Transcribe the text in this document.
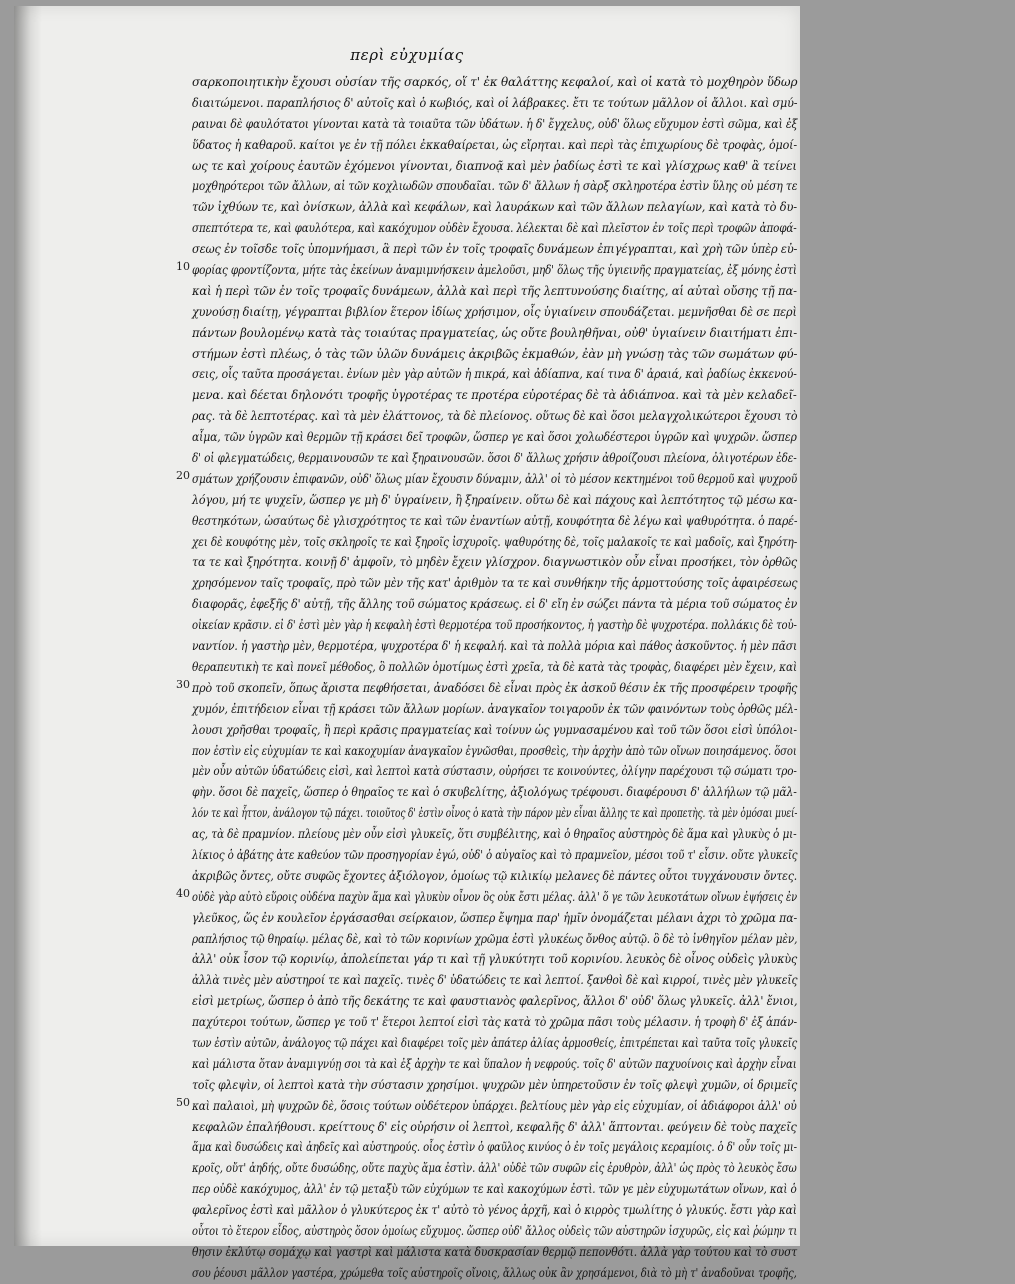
περὶ εὐχυμίας
σαρκοποιητικὴν ἔχουσι οὐσίαν τῆς σαρκός, οἵ τ' ἐκ θαλάττης κεφαλοί, καὶ οἱ κατὰ τὸ μοχθηρὸν ὕδωρ
διαιτώμενοι. παραπλήσιος δ' αὐτοῖς καὶ ὁ κωβιός, καὶ οἱ λάβρακες. ἔτι τε τούτων μᾶλλον οἱ ἄλλοι. καὶ σμύ-
ραιναι δὲ φαυλότατοι γίνονται κατὰ τὰ τοιαῦτα τῶν ὑδάτων. ἡ δ' ἔγχελυς, οὐδ' ὅλως εὔχυμον ἐστὶ σῶμα, καὶ ἐξ
ὕδατος ἡ καθαροῦ. καίτοι γε ἐν τῇ πόλει ἐκκαθαίρεται, ὡς εἴρηται. καὶ περὶ τὰς ἐπιχωρίους δὲ τροφὰς, ὁμοί-
ως τε καὶ χοίρους ἑαυτῶν ἐχόμενοι γίνονται, διαπνοᾷ καὶ μὲν ῥαδίως ἐστὶ τε καὶ γλίσχρως καθ' ἃ τείνει
μοχθηρότεροι τῶν ἄλλων, αἱ τῶν κοχλιωδῶν σπουδαῖαι. τῶν δ' ἄλλων ἡ σὰρξ σκληροτέρα ἐστὶν ὕλης οὐ μέση τε
τῶν ἰχθύων τε, καὶ ὀνίσκων, ἀλλὰ καὶ κεφάλων, καὶ λαυράκων καὶ τῶν ἄλλων πελαγίων, καὶ κατὰ τὸ δυ-
σπεπτότερα τε, καὶ φαυλότερα, καὶ κακόχυμον οὐδὲν ἔχουσα. λέλεκται δὲ καὶ πλεῖστον ἐν τοῖς περὶ τροφῶν ἀποφά-
σεως ἐν τοῖσδε τοῖς ὑπομνήμασι, ἃ περὶ τῶν ἐν τοῖς τροφαῖς δυνάμεων ἐπιγέγραπται, καὶ χρὴ τῶν ὑπὲρ εὐ-
10 φορίας φροντίζοντα, μήτε τὰς ἐκείνων ἀναμιμνήσκειν ἀμελοῦσι, μηδ' ὅλως τῆς ὑγιεινῆς πραγματείας, ἐξ μόνης ἐστὶ
καὶ ἡ περὶ τῶν ἐν τοῖς τροφαῖς δυνάμεων, ἀλλὰ καὶ περὶ τῆς λεπτυνούσης διαίτης, αἱ αὐταὶ οὔσης τῇ πα-
χυνούσῃ διαίτῃ, γέγραπται βιβλίον ἕτερον ἰδίως χρήσιμον, οἷς ὑγιαίνειν σπουδάζεται. μεμνῆσθαι δὲ σε περὶ
πάντων βουλομένῳ κατὰ τὰς τοιαύτας πραγματείας, ὡς οὔτε βουληθῆναι, οὐθ' ὑγιαίνειν διαιτήματι ἐπι-
στήμων ἐστὶ πλέως, ὁ τὰς τῶν ὑλῶν δυνάμεις ἀκριβῶς ἐκμαθών, ἐὰν μὴ γνώσῃ τὰς τῶν σωμάτων φύ-
σεις, οἷς ταῦτα προσάγεται. ἐνίων μὲν γὰρ αὐτῶν ἡ πικρά, καὶ ἀδίαπνα, καί τινα δ' ἀραιά, καὶ ῥαδίως ἐκκενού-
μενα. καὶ δέεται δηλονότι τροφῆς ὑγροτέρας τε προτέρα εὐροτέρας δὲ τὰ ἀδιάπνοα. καὶ τὰ μὲν κελαδεῖ-
ρας. τὰ δὲ λεπτοτέρας. καὶ τὰ μὲν ἐλάττονος, τὰ δὲ πλείονος. οὕτως δὲ καὶ ὅσοι μελαγχολικώτεροι ἔχουσι τὸ
αἷμα, τῶν ὑγρῶν καὶ θερμῶν τῇ κράσει δεῖ τροφῶν, ὥσπερ γε καὶ ὅσοι χολωδέστεροι ὑγρῶν καὶ ψυχρῶν. ὥσπερ
δ' οἱ φλεγματώδεις, θερμαινουσῶν τε καὶ ξηραινουσῶν. ὅσοι δ' ἄλλως χρήσιν ἀθροίζουσι πλείονα, ὀλιγοτέρων ἐδε-
20 σμάτων χρήζουσιν ἐπιφανῶν, οὐδ' ὅλως μίαν ἔχουσιν δύναμιν, ἀλλ' οἱ τὸ μέσον κεκτημένοι τοῦ θερμοῦ καὶ ψυχροῦ
λόγου, μή τε ψυχεῖν, ὥσπερ γε μὴ δ' ὑγραίνειν, ἢ ξηραίνειν. οὕτω δὲ καὶ πάχους καὶ λεπτότητος τῷ μέσω κα-
θεστηκότων, ὡσαύτως δὲ γλισχρότητος τε καὶ τῶν ἐναντίων αὐτῇ, κουφότητα δὲ λέγω καὶ ψαθυρότητα. ὁ παρέ-
χει δὲ κουφότης μὲν, τοῖς σκληροῖς τε καὶ ξηροῖς ἰσχυροῖς. ψαθυρότης δὲ, τοῖς μαλακοῖς τε καὶ μαδοῖς, καὶ ξηρότη-
τα τε καὶ ξηρότητα. κοινῇ δ' ἀμφοῖν, τὸ μηδὲν ἔχειν γλίσχρον. διαγνωστικὸν οὖν εἶναι προσήκει, τὸν ὀρθῶς
χρησόμενον ταῖς τροφαῖς, πρὸ τῶν μὲν τῆς κατ' ἀριθμὸν τα τε καὶ συνθήκην τῆς ἁρμοττούσης τοῖς ἀφαιρέσεως
διαφορᾶς, ἐφεξῆς δ' αὐτῇ, τῆς ἄλλης τοῦ σώματος κράσεως. εἰ δ' εἴη ἐν σώζει πάντα τὰ μέρια τοῦ σώματος ἐν
οἰκείαν κρᾶσιν. εἰ δ' ἐστὶ μὲν γὰρ ἡ κεφαλὴ ἐστὶ θερμοτέρα τοῦ προσήκοντος, ἡ γαστὴρ δὲ ψυχροτέρα. πολλάκις δὲ τοὐ-
ναντίον. ἡ γαστὴρ μὲν, θερμοτέρα, ψυχροτέρα δ' ἡ κεφαλή. καὶ τὰ πολλὰ μόρια καὶ πάθος ἀσκοῦντος. ἡ μὲν πᾶσι
θεραπευτικὴ τε καὶ πονεῖ μέθοδος, ὃ πολλῶν ὁμοτίμως ἐστὶ χρεῖα, τὰ δὲ κατὰ τὰς τροφὰς, διαφέρει μὲν ἔχειν, καὶ
30 πρὸ τοῦ σκοπεῖν, ὅπως ἄριστα πεφθήσεται, ἀναδόσει δὲ εἶναι πρὸς ἐκ ἀσκοῦ θέσιν ἐκ τῆς προσφέρειν τροφῆς
χυμόν, ἐπιτήδειον εἶναι τῇ κράσει τῶν ἄλλων μορίων. ἀναγκαῖον τοιγαροῦν ἐκ τῶν φαινόντων τοὺς ὀρθῶς μέλ-
λουσι χρῆσθαι τροφαῖς, ἢ περὶ κρᾶσις πραγματείας καὶ τοίνυν ὡς γυμνασαμένου καὶ τοῦ τῶν ὅσοι εἰσὶ ὑπόλοι-
πον ἐστὶν εἰς εὐχυμίαν τε καὶ κακοχυμίαν ἀναγκαῖον ἐγνῶσθαι, προσθεὶς, τὴν ἀρχὴν ἀπὸ τῶν οἴνων ποιησάμενος. ὅσοι
μὲν οὖν αὐτῶν ὑδατώδεις εἰσὶ, καὶ λεπτοὶ κατὰ σύστασιν, οὐρήσει τε κοινούντες, ὀλίγην παρέχουσι τῷ σώματι τρο-
φὴν. ὅσοι δὲ παχεῖς, ὥσπερ ὁ θηραῖος τε καὶ ὁ σκυβελίτης, ἀξιολόγως τρέφουσι. διαφέρουσι δ' ἀλλήλων τῷ μᾶλ-
λόν τε καὶ ἧττον, ἀνάλογον τῷ πάχει. τοιοῦτος δ' ἐστὶν οἶνος ὁ κατὰ τὴν πάρον μὲν εἶναι ἄλλης τε καὶ προπετὴς. τὰ μὲν ὁμόσαι μυεί-
ας, τὰ δὲ πραμνίον. πλείους μὲν οὖν εἰσὶ γλυκεῖς, ὅτι συμβέλιτης, καὶ ὁ θηραῖος αὐστηρὸς δὲ ἅμα καὶ γλυκὺς ὁ μι-
λίκιος ὁ ἀβάτης ἀτε καθεύον τῶν προσηγορίαν ἐγώ, οὐδ' ὁ αὐγαῖος καὶ τὸ πραμνεῖον, μέσοι τοῦ τ' εἶσιν. οὔτε γλυκεῖς
ἀκριβῶς ὄντες, οὔτε συφῶς ἔχοντες ἀξιόλογον, ὁμοίως τῷ κιλικίῳ μελανες δὲ πάντες οὗτοι τυγχάνουσιν ὄντες.
40 οὐδὲ γὰρ αὐτὸ εὕροις οὐδένα παχὺν ἅμα καὶ γλυκὺν οἶνον ὃς οὐκ ἔστι μέλας. ἀλλ' ὅ γε τῶν λευκοτάτων οἴνων ἐψήσεις ἐν
γλεῦκος, ὥς ἐν κουλεῖον ἐργάσασθαι σείρκαιον, ὥσπερ ἔψημα παρ' ἡμῖν ὀνομάζεται μέλανι ἀχρι τὸ χρῶμα πα-
ραπλήσιος τῷ θηραίῳ. μέλας δὲ, καὶ τὸ τῶν κορινίων χρῶμα ἐστὶ γλυκέως ὄνθος αὐτῷ. ὃ δὲ τὸ ἰνθηγῖον μέλαν μὲν,
ἀλλ' οὐκ ἶσον τῷ κορινίῳ, ἀπολείπεται γάρ τι καὶ τῇ γλυκύτητι τοῦ κορινίου. λευκὸς δὲ οἶνος οὐδεὶς γλυκὺς
ἀλλὰ τινὲς μὲν αὐστηροί τε καὶ παχεῖς. τινὲς δ' ὑδατώδεις τε καὶ λεπτοί. ξανθοὶ δὲ καὶ κιρροί, τινὲς μὲν γλυκεῖς
εἰσὶ μετρίως, ὥσπερ ὁ ἀπὸ τῆς δεκάτης τε καὶ φαυστιανὸς φαλερῖνος, ἄλλοι δ' οὐδ' ὅλως γλυκεῖς. ἀλλ' ἔνιοι,
παχύτεροι τούτων, ὥσπερ γε τοῦ τ' ἕτεροι λεπτοί εἰσὶ τὰς κατὰ τὸ χρῶμα πᾶσι τοὺς μέλασιν. ἡ τροφὴ δ' ἐξ ἁπάν-
των ἐστὶν αὐτῶν, ἀνάλογος τῷ πάχει καὶ διαφέρει τοῖς μὲν ἀπάτερ ἀλίας ἀρμοσθείς, ἐπιτρέπεται καὶ ταῦτα τοῖς γλυκεῖς
καὶ μάλιστα ὅταν ἀναμιγνύῃ σοι τὰ καὶ ἐξ ἀρχὴν τε καὶ ὕπαλον ἡ νεφρούς. τοῖς δ' αὐτῶν παχυοίνοις καὶ ἀρχὴν εἶναι
τοῖς φλεψὶν, οἱ λεπτοὶ κατὰ τὴν σύστασιν χρησίμοι. ψυχρῶν μὲν ὑπηρετοῦσιν ἐν τοῖς φλεψὶ χυμῶν, οἱ δριμεῖς
50 καὶ παλαιοὶ, μὴ ψυχρῶν δὲ, ὅσοις τούτων οὐδέτερον ὑπάρχει. βελτίους μὲν γὰρ εἰς εὐχυμίαν, οἱ ἀδιάφοροι ἀλλ' οὐ
κεφαλῶν ἐπαλήθουσι. κρείττους δ' εἰς οὐρήσιν οἱ λεπτοὶ, κεφαλῆς δ' ἀλλ' ἅπτονται. φεύγειν δὲ τοὺς παχεῖς
ἅμα καὶ δυσώδεις καὶ ἀηδεῖς καὶ αὐστηρούς. οἷος ἐστὶν ὁ φαῦλος κινύος ὁ ἐν τοῖς μεγάλοις κεραμίοις. ὁ δ' οὖν τοῖς μι-
κροῖς, οὔτ' ἀηδής, οὔτε δυσώδης, οὔτε παχὺς ἅμα ἐστὶν. ἀλλ' οὐδὲ τῶν συφῶν εἰς ἐρυθρὸν, ἀλλ' ὡς πρὸς τὸ λευκὸς ἔσω
περ οὐδὲ κακόχυμος, ἀλλ' ἐν τῷ μεταξὺ τῶν εὐχύμων τε καὶ κακοχύμων ἐστὶ. τῶν γε μὲν εὐχυμωτάτων οἴνων, καὶ ὁ
φαλερῖνος ἐστὶ καὶ μᾶλλον ὁ γλυκύτερος ἐκ τ' αὐτὸ τὸ γένος ἀρχῆ, καὶ ὁ κιρρὸς τμωλίτης ὁ γλυκύς. ἔστι γὰρ καὶ
οὗτοι τὸ ἕτερον εἶδος, αὐστηρὸς ὅσον ὁμοίως εὔχυμος. ὥσπερ οὐδ' ἄλλος οὐδεὶς τῶν αὐστηρῶν ἰσχυρῶς, εἰς καὶ ῥώμην τι
θησιν ἐκλύτῳ σομάχῳ καὶ γαστρὶ καὶ μάλιστα κατὰ δυσκρασίαν θερμῷ πεπονθότι. ἀλλὰ γὰρ τούτου καὶ τὸ συστ
σου ῥέουσι μᾶλλον γαστέρα, χρώμεθα τοῖς αὐστηροῖς οἴνοις, ἄλλως οὐκ ἂν χρησάμενοι, διὰ τὸ μὴ τ' ἀναδοῦναι τροφῆς,
